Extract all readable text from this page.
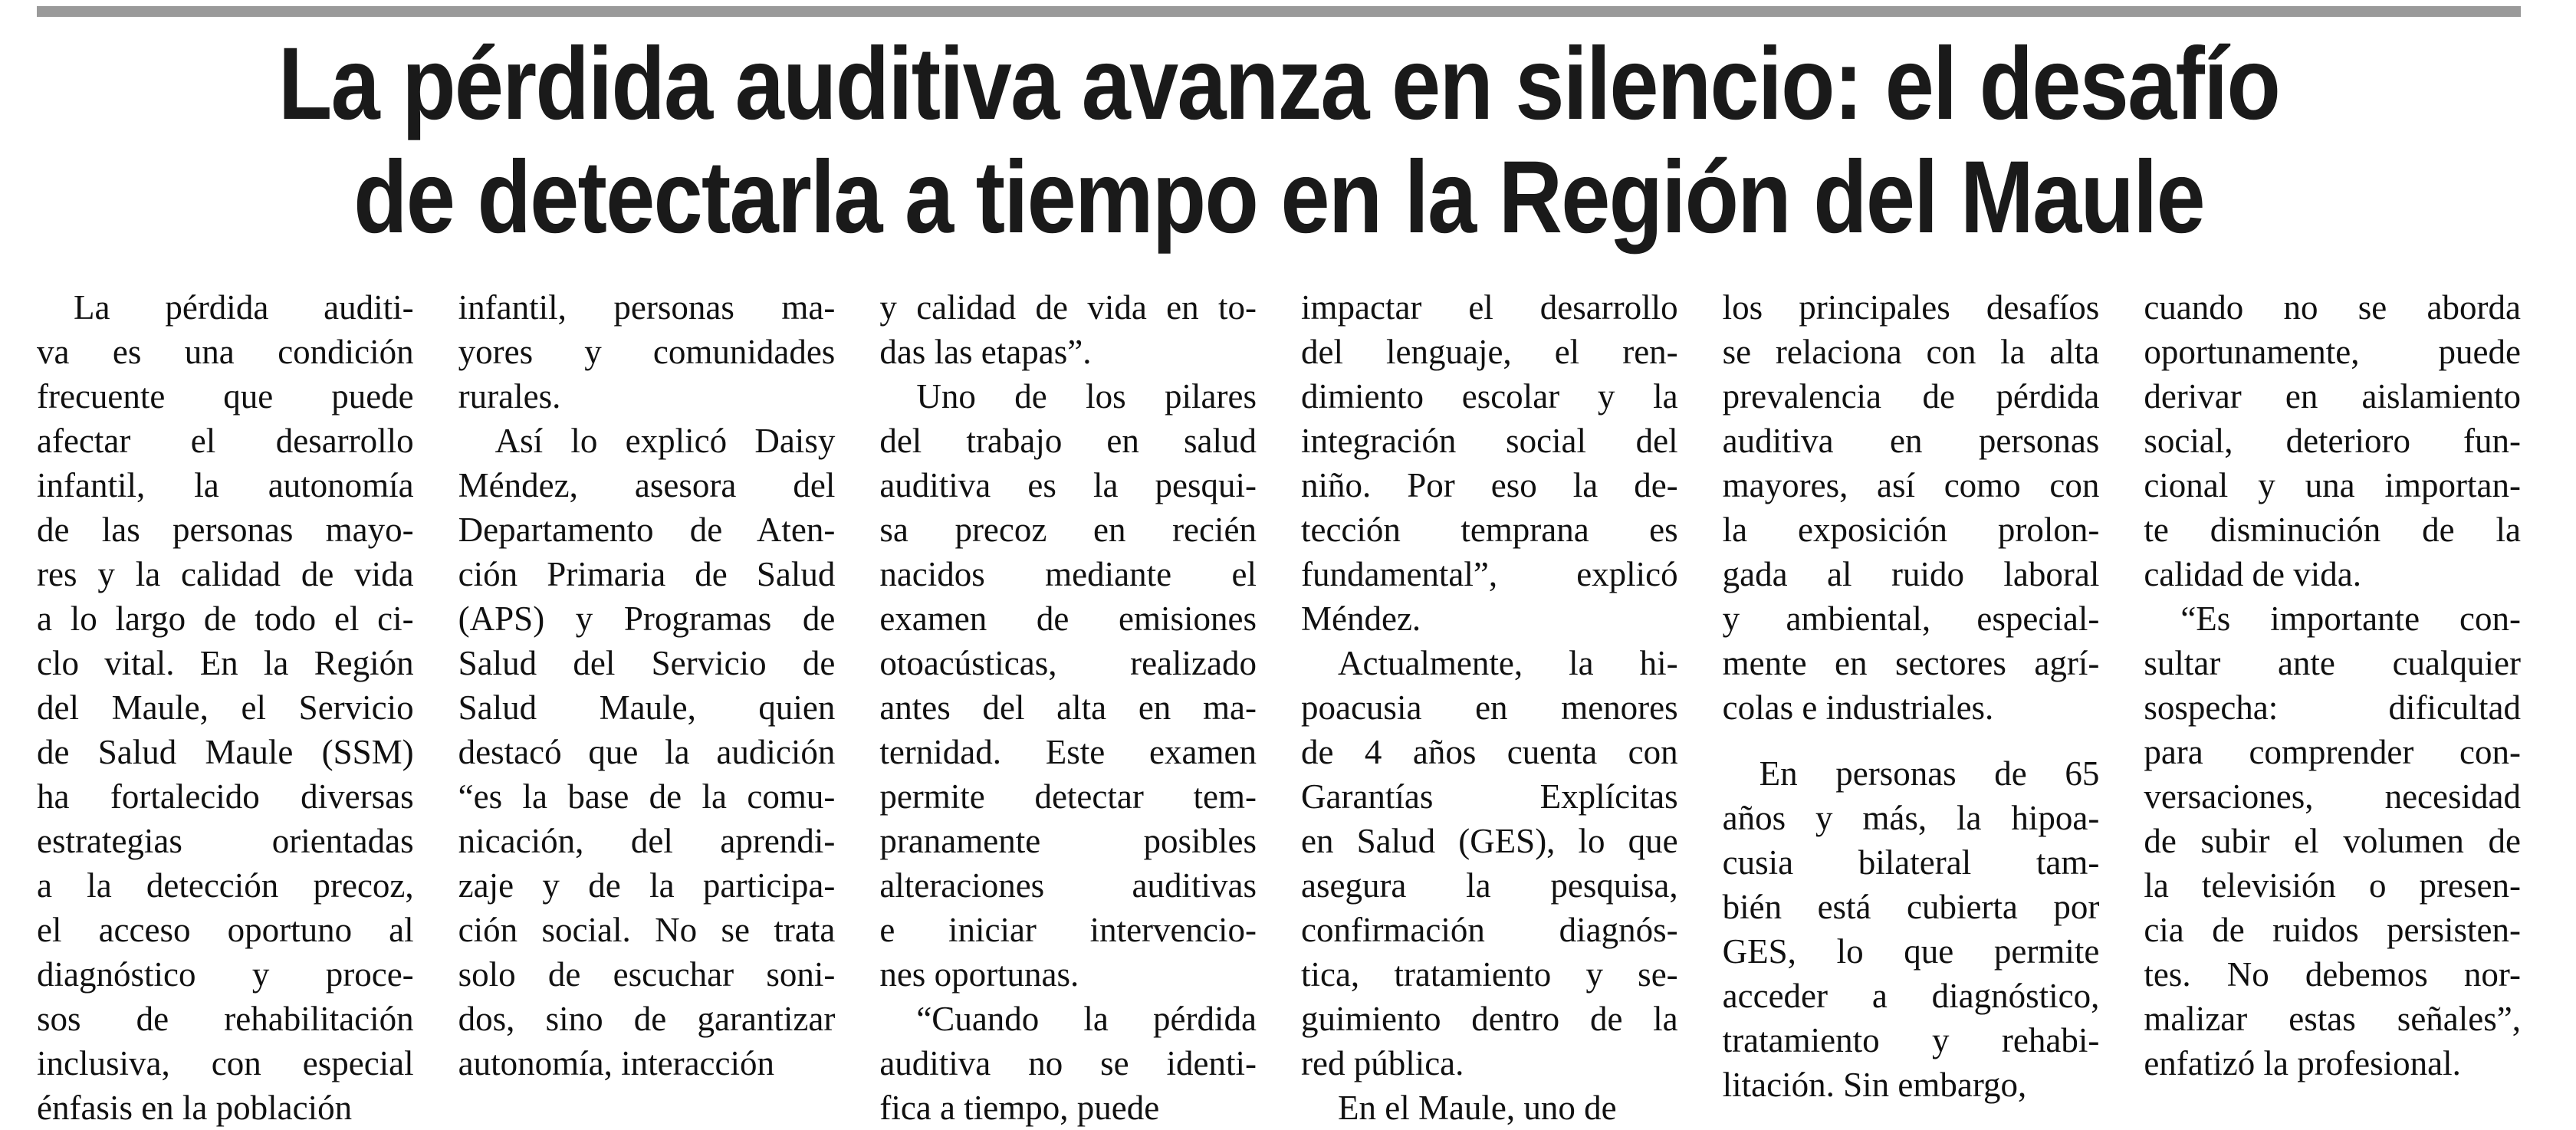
La pérdida auditiva avanza en silencio: el desafío
de detectarla a tiempo en la Región del Maule

La pérdida auditi-
va es una condición
frecuente que puede
afectar el desarrollo
infantil, la autonomía
de las personas mayo-
res y la calidad de vida
a lo largo de todo el ci-
clo vital. En la Región
del Maule, el Servicio
de Salud Maule (SSM)
ha fortalecido diversas
estrategias orientadas
a la detección precoz,
el acceso oportuno al
diagnóstico y proce-
sos de rehabilitación
inclusiva, con especial
énfasis en la población

infantil, personas ma-
yores y comunidades
rurales.

Así lo explicó Daisy
Méndez, asesora del
Departamento de Aten-
ción Primaria de Salud
(APS) y Programas de
Salud del Servicio de
Salud Maule, quien
destacó que la audición
“es la base de la comu-
nicación, del aprendi-
zaje y de la participa-
ción social. No se trata
solo de escuchar soni-
dos, sino de garantizar
autonomía, interacción

y calidad de vida en to-
das las etapas”.

Uno de los pilares
del trabajo en salud
auditiva es la pesqui-
sa precoz en recién
nacidos mediante el
examen de emisiones
otoacústicas, realizado
antes del alta en ma-
ternidad. Este examen
permite detectar tem-
pranamente posibles
alteraciones auditivas
e iniciar intervencio-
nes oportunas.

“Cuando la pérdida
auditiva no se identi-
fica a tiempo, puede

impactar el desarrollo
del lenguaje, el ren-
dimiento escolar y la
integración social del
niño. Por eso la de-
tección temprana es
fundamental”, explicó
Méndez.

Actualmente, la hi-
poacusia en menores
de 4 años cuenta con
Garantías Explícitas
en Salud (GES), lo que
asegura la pesquisa,
confirmación diagnós-
tica, tratamiento y se-
guimiento dentro de la
red pública.

En el Maule, uno de

los principales desafíos
se relaciona con la alta
prevalencia de pérdida
auditiva en personas
mayores, así como con
la exposición prolon-
gada al ruido laboral
y ambiental, especial-
mente en sectores agrí-
colas e industriales.

En personas de 65
años y más, la hipoa-
cusia bilateral tam-
bién está cubierta por
GES, lo que permite
acceder a diagnóstico,
tratamiento y rehabi-
litación. Sin embargo,

cuando no se aborda
oportunamente, puede
derivar en aislamiento
social, deterioro fun-
cional y una importan-
te disminución de la
calidad de vida.

“Es importante con-
sultar ante cualquier
sospecha: dificultad
para comprender con-
versaciones, necesidad
de subir el volumen de
la televisión o presen-
cia de ruidos persisten-
tes. No debemos nor-
malizar estas señales”,
enfatizó la profesional.
